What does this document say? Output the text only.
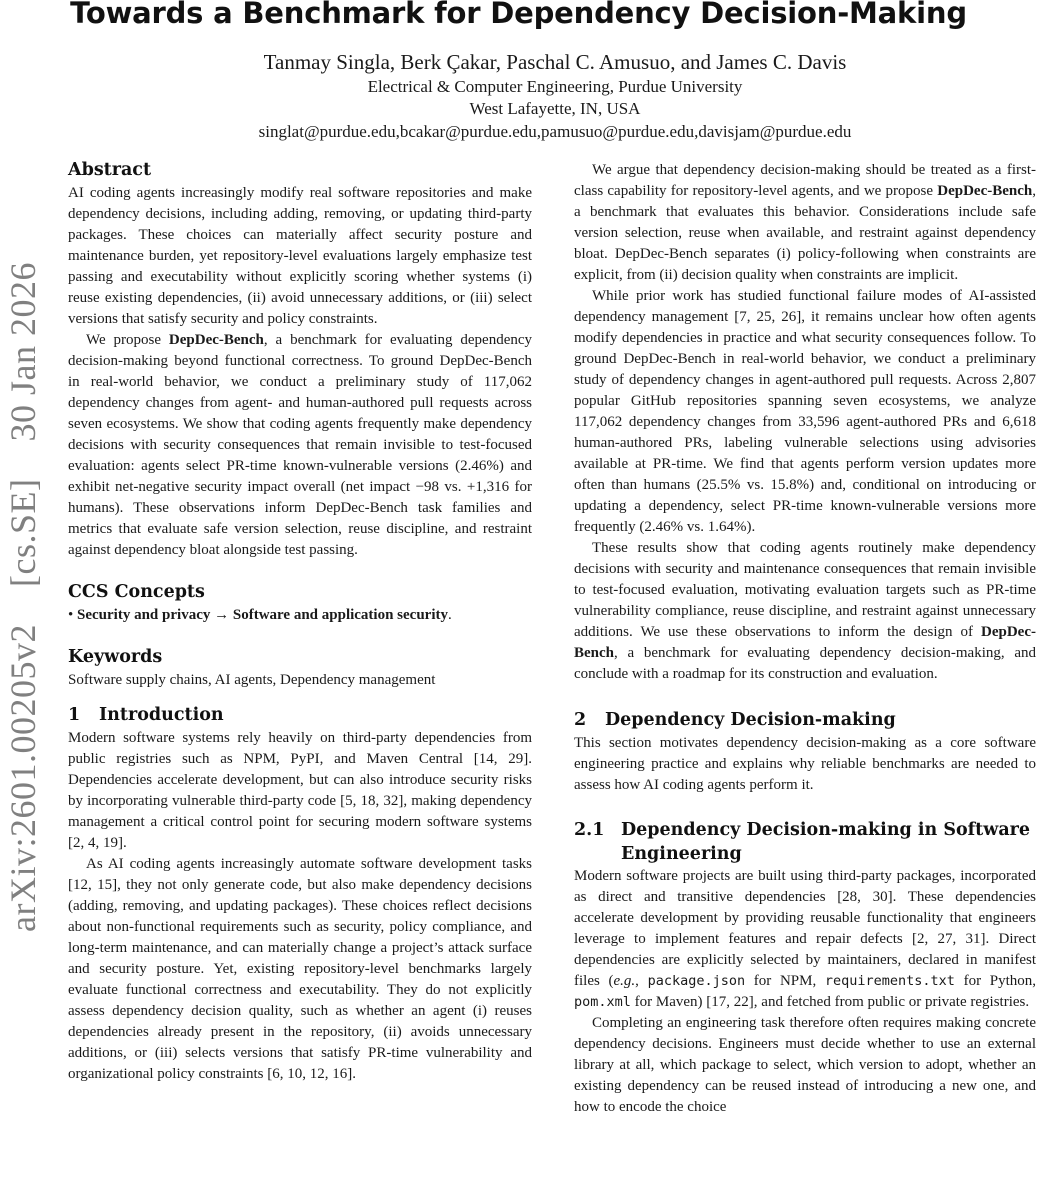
arXiv:2601.00205v2
[cs.SE]
30 Jan 2026
Towards a Benchmark for Dependency Decision-Making
Tanmay Singla, Berk Çakar, Paschal C. Amusuo, and James C. Davis
Electrical & Computer Engineering, Purdue University
West Lafayette, IN, USA
singlat@purdue.edu,bcakar@purdue.edu,pamusuo@purdue.edu,davisjam@purdue.edu
Abstract

AI coding agents increasingly modify real software repositories and make dependency decisions, including adding, removing, or updating third-party packages. These choices can materially affect security posture and maintenance burden, yet repository-level evaluations largely emphasize test passing and executability without explicitly scoring whether systems (i) reuse existing dependencies, (ii) avoid unnecessary additions, or (iii) select versions that satisfy security and policy constraints.

We propose DepDec-Bench, a benchmark for evaluating dependency decision-making beyond functional correctness. To ground DepDec-Bench in real-world behavior, we conduct a preliminary study of 117,062 dependency changes from agent- and human-authored pull requests across seven ecosystems. We show that coding agents frequently make dependency decisions with security consequences that remain invisible to test-focused evaluation: agents select PR-time known-vulnerable versions (2.46%) and exhibit net-negative security impact overall (net impact −98 vs. +1,316 for humans). These observations inform DepDec-Bench task families and metrics that evaluate safe version selection, reuse discipline, and restraint against dependency bloat alongside test passing.

CCS Concepts

• Security and privacy → Software and application security.

Keywords

Software supply chains, AI agents, Dependency management

1 Introduction

Modern software systems rely heavily on third-party dependencies from public registries such as NPM, PyPI, and Maven Central [14, 29]. Dependencies accelerate development, but can also introduce security risks by incorporating vulnerable third-party code [5, 18, 32], making dependency management a critical control point for securing modern software systems [2, 4, 19].

As AI coding agents increasingly automate software development tasks [12, 15], they not only generate code, but also make dependency decisions (adding, removing, and updating packages). These choices reflect decisions about non-functional requirements such as security, policy compliance, and long-term maintenance, and can materially change a project’s attack surface and security posture. Yet, existing repository-level benchmarks largely evaluate functional correctness and executability. They do not explicitly assess dependency decision quality, such as whether an agent (i) reuses dependencies already present in the repository, (ii) avoids unnecessary additions, or (iii) selects versions that satisfy PR-time vulnerability and organizational policy constraints [6, 10, 12, 16].

We argue that dependency decision-making should be treated as a first-class capability for repository-level agents, and we propose DepDec-Bench, a benchmark that evaluates this behavior. Considerations include safe version selection, reuse when available, and restraint against dependency bloat. DepDec-Bench separates (i) policy-following when constraints are explicit, from (ii) decision quality when constraints are implicit.

While prior work has studied functional failure modes of AI-assisted dependency management [7, 25, 26], it remains unclear how often agents modify dependencies in practice and what security consequences follow. To ground DepDec-Bench in real-world behavior, we conduct a preliminary study of dependency changes in agent-authored pull requests. Across 2,807 popular GitHub repositories spanning seven ecosystems, we analyze 117,062 dependency changes from 33,596 agent-authored PRs and 6,618 human-authored PRs, labeling vulnerable selections using advisories available at PR-time. We find that agents perform version updates more often than humans (25.5% vs. 15.8%) and, conditional on introducing or updating a dependency, select PR-time known-vulnerable versions more frequently (2.46% vs. 1.64%).

These results show that coding agents routinely make dependency decisions with security and maintenance consequences that remain invisible to test-focused evaluation, motivating evaluation targets such as PR-time vulnerability compliance, reuse discipline, and restraint against unnecessary additions. We use these observations to inform the design of DepDec-Bench, a benchmark for evaluating dependency decision-making, and conclude with a roadmap for its construction and evaluation.

2 Dependency Decision-making

This section motivates dependency decision-making as a core software engineering practice and explains why reliable benchmarks are needed to assess how AI coding agents perform it.

2.1 Dependency Decision-making in Software Engineering

Modern software projects are built using third-party packages, incorporated as direct and transitive dependencies [28, 30]. These dependencies accelerate development by providing reusable functionality that engineers leverage to implement features and repair defects [2, 27, 31]. Direct dependencies are explicitly selected by maintainers, declared in manifest files (e.g., package.json for NPM, requirements.txt for Python, pom.xml for Maven) [17, 22], and fetched from public or private registries.

Completing an engineering task therefore often requires making concrete dependency decisions. Engineers must decide whether to use an external library at all, which package to select, which version to adopt, whether an existing dependency can be reused instead of introducing a new one, and how to encode the choice
